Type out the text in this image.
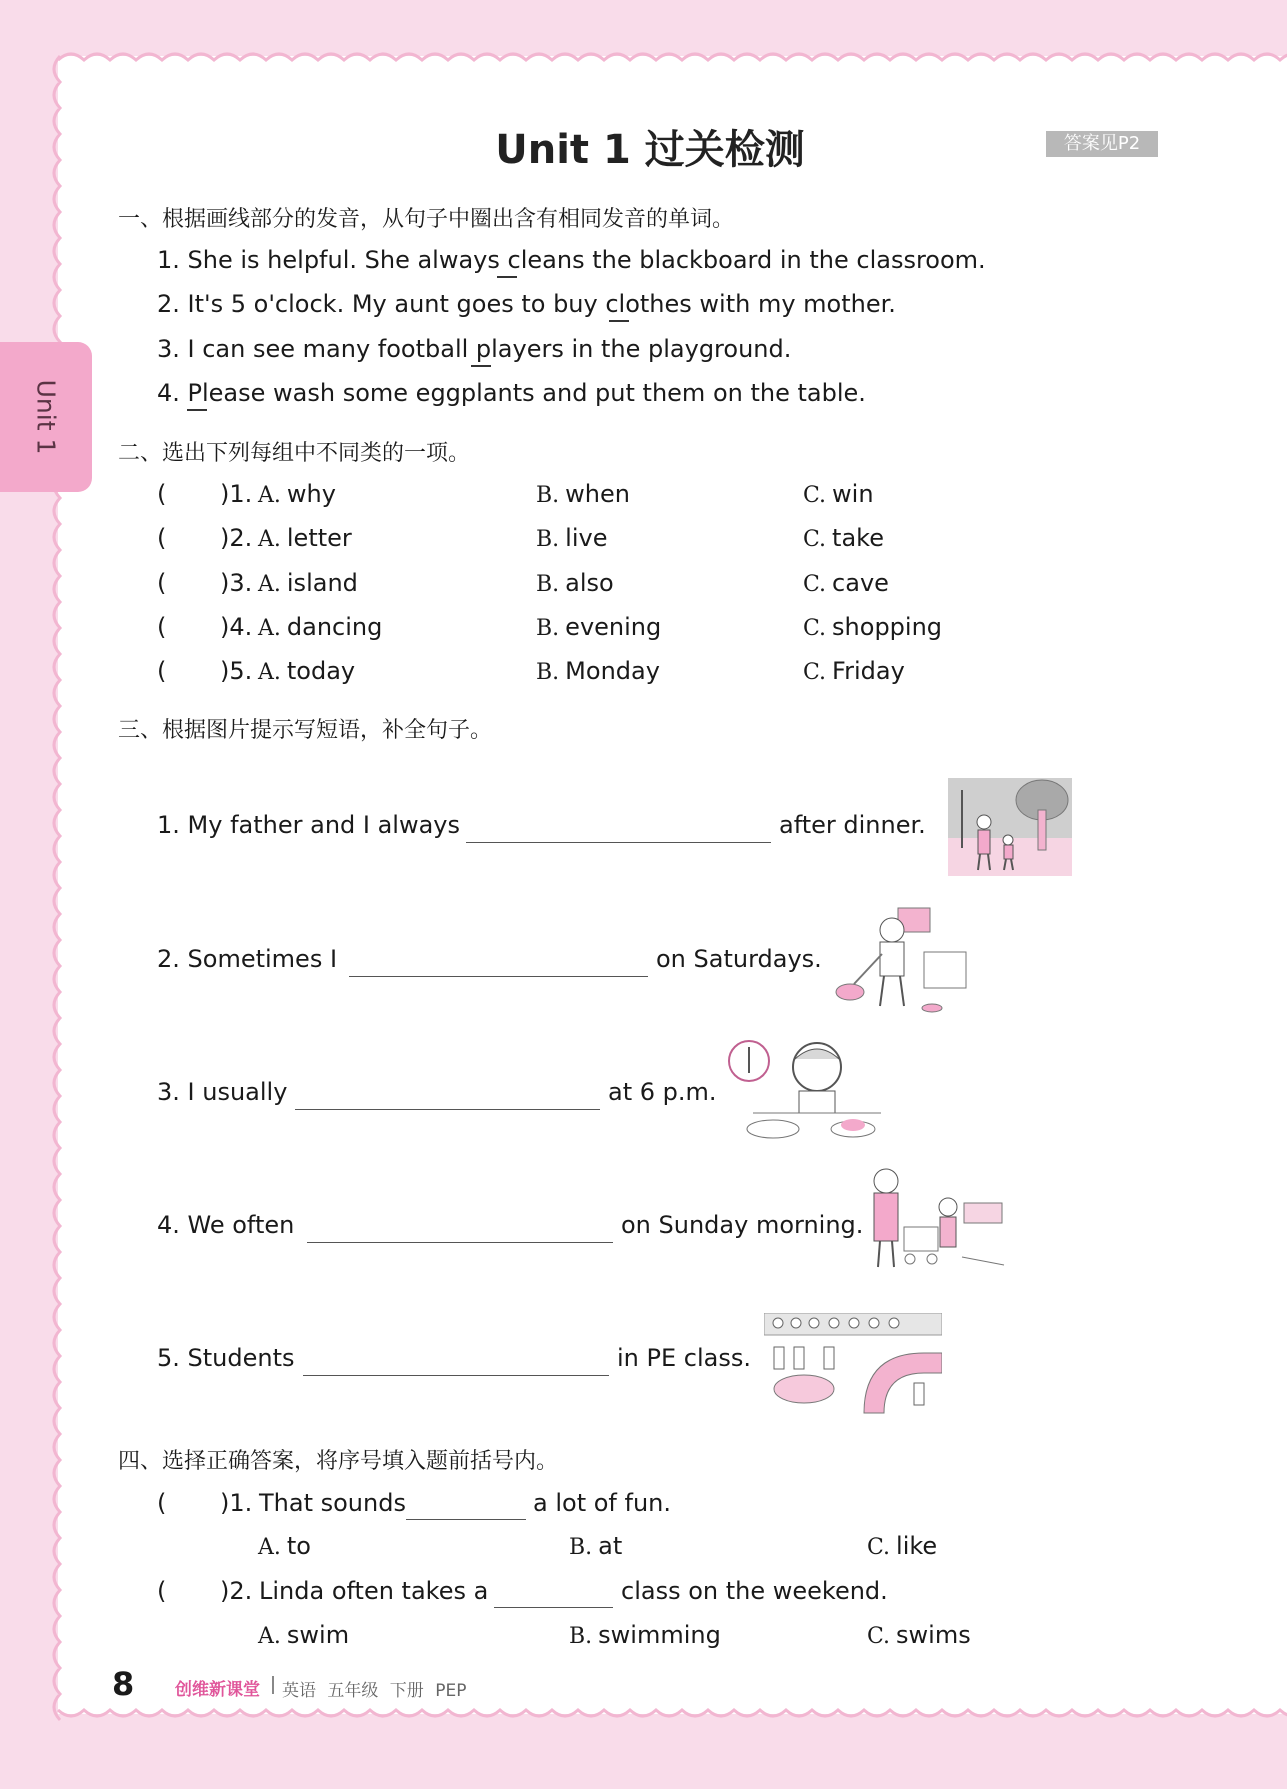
Unit 1
Unit 1 过关检测	答案见P2
一、根据画线部分的发音，从句子中圈出含有相同发音的单词。
1. She is helpful. She always cleans the blackboard in the classroom.
2. It's 5 o'clock. My aunt goes to buy clothes with my mother.
3. I can see many football players in the playground.
4. Please wash some eggplants and put them on the table.
二、选出下列每组中不同类的一项。
( )1. A. why	B. when	C. win
( )2. A. letter	B. live	C. take
( )3. A. island	B. also	C. cave
( )4. A. dancing	B. evening	C. shopping
( )5. A. today	B. Monday	C. Friday
三、根据图片提示写短语，补全句子。
1. My father and I always	after dinner.
2. Sometimes I	on Saturdays.
3. I usually	at 6 p.m.
4. We often	on Sunday morning.
5. Students	in PE class.
四、选择正确答案，将序号填入题前括号内。
( )1. That sounds	a lot of fun.
A. to	B. at	C. like
( )2. Linda often takes a	class on the weekend.
A. swim	B. swimming	C. swims
8 创维新课堂 英语 五年级 下册 PEP
